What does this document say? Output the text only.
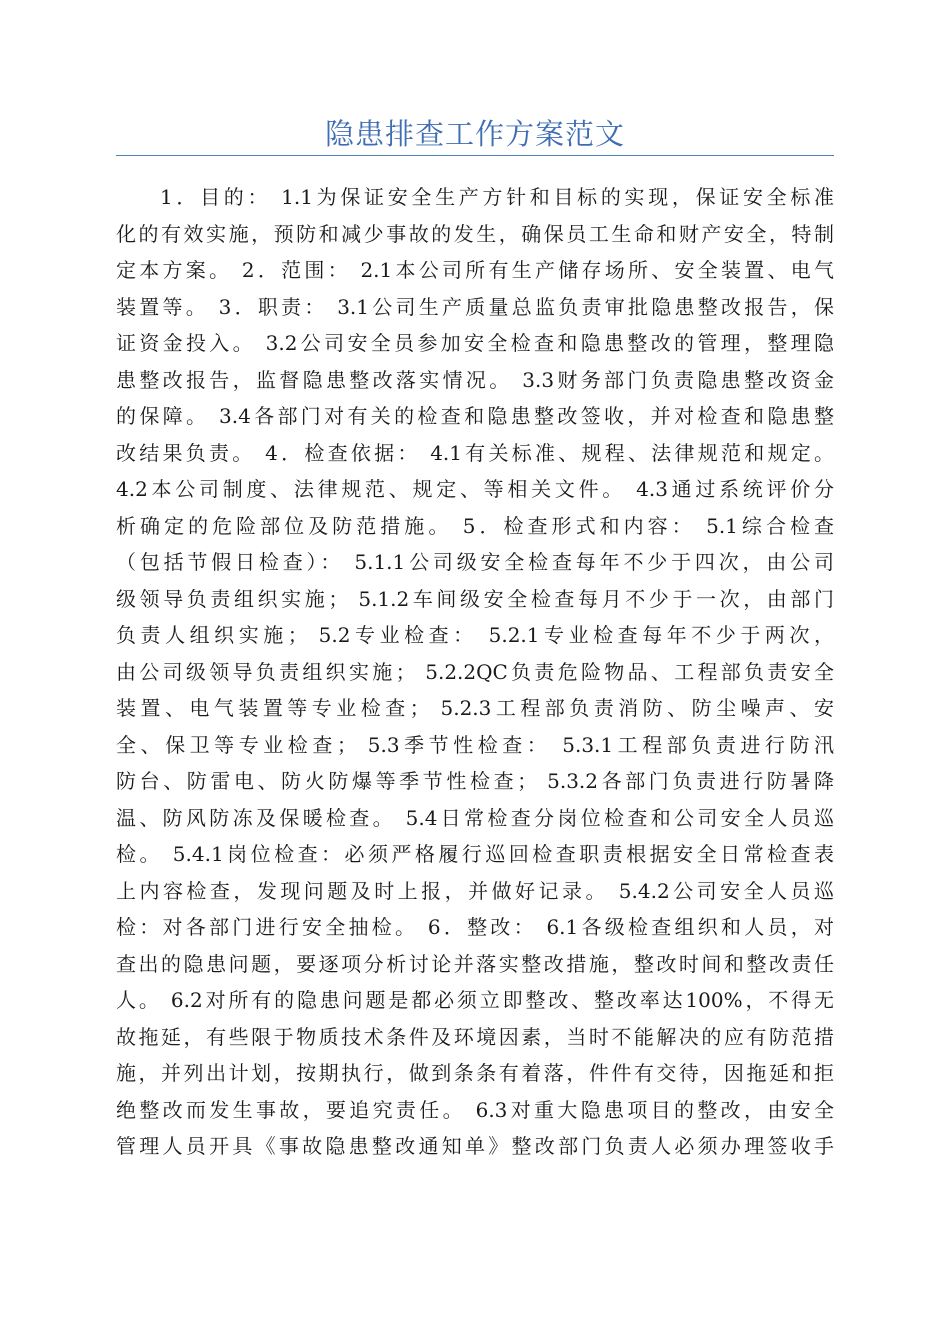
隐患排查工作方案范文
1．目的： 1.1为保证安全生产方针和目标的实现，保证安全标准
化的有效实施，预防和减少事故的发生，确保员工生命和财产安全，特制
定本方案。 2．范围： 2.1本公司所有生产储存场所、安全装置、电气
装置等。 3．职责： 3.1公司生产质量总监负责审批隐患整改报告，保
证资金投入。 3.2公司安全员参加安全检查和隐患整改的管理，整理隐
患整改报告，监督隐患整改落实情况。 3.3财务部门负责隐患整改资金
的保障。 3.4各部门对有关的检查和隐患整改签收，并对检查和隐患整
改结果负责。 4．检查依据： 4.1有关标准、规程、法律规范和规定。
4.2本公司制度、法律规范、规定、等相关文件。 4.3通过系统评价分
析确定的危险部位及防范措施。 5．检查形式和内容： 5.1综合检查
（包括节假日检查）： 5.1.1公司级安全检查每年不少于四次，由公司
级领导负责组织实施； 5.1.2车间级安全检查每月不少于一次，由部门
负责人组织实施； 5.2专业检查： 5.2.1专业检查每年不少于两次，
由公司级领导负责组织实施； 5.2.2QC负责危险物品、工程部负责安全
装置、电气装置等专业检查； 5.2.3工程部负责消防、防尘噪声、安
全、保卫等专业检查； 5.3季节性检查： 5.3.1工程部负责进行防汛
防台、防雷电、防火防爆等季节性检查； 5.3.2各部门负责进行防暑降
温、防风防冻及保暖检查。 5.4日常检查分岗位检查和公司安全人员巡
检。 5.4.1岗位检查：必须严格履行巡回检查职责根据安全日常检查表
上内容检查，发现问题及时上报，并做好记录。 5.4.2公司安全人员巡
检：对各部门进行安全抽检。 6．整改： 6.1各级检查组织和人员，对
查出的隐患问题，要逐项分析讨论并落实整改措施，整改时间和整改责任
人。 6.2对所有的隐患问题是都必须立即整改、整改率达100%，不得无
故拖延，有些限于物质技术条件及环境因素，当时不能解决的应有防范措
施，并列出计划，按期执行，做到条条有着落，件件有交待，因拖延和拒
绝整改而发生事故，要追究责任。 6.3对重大隐患项目的整改，由安全
管理人员开具《事故隐患整改通知单》整改部门负责人必须办理签收手
